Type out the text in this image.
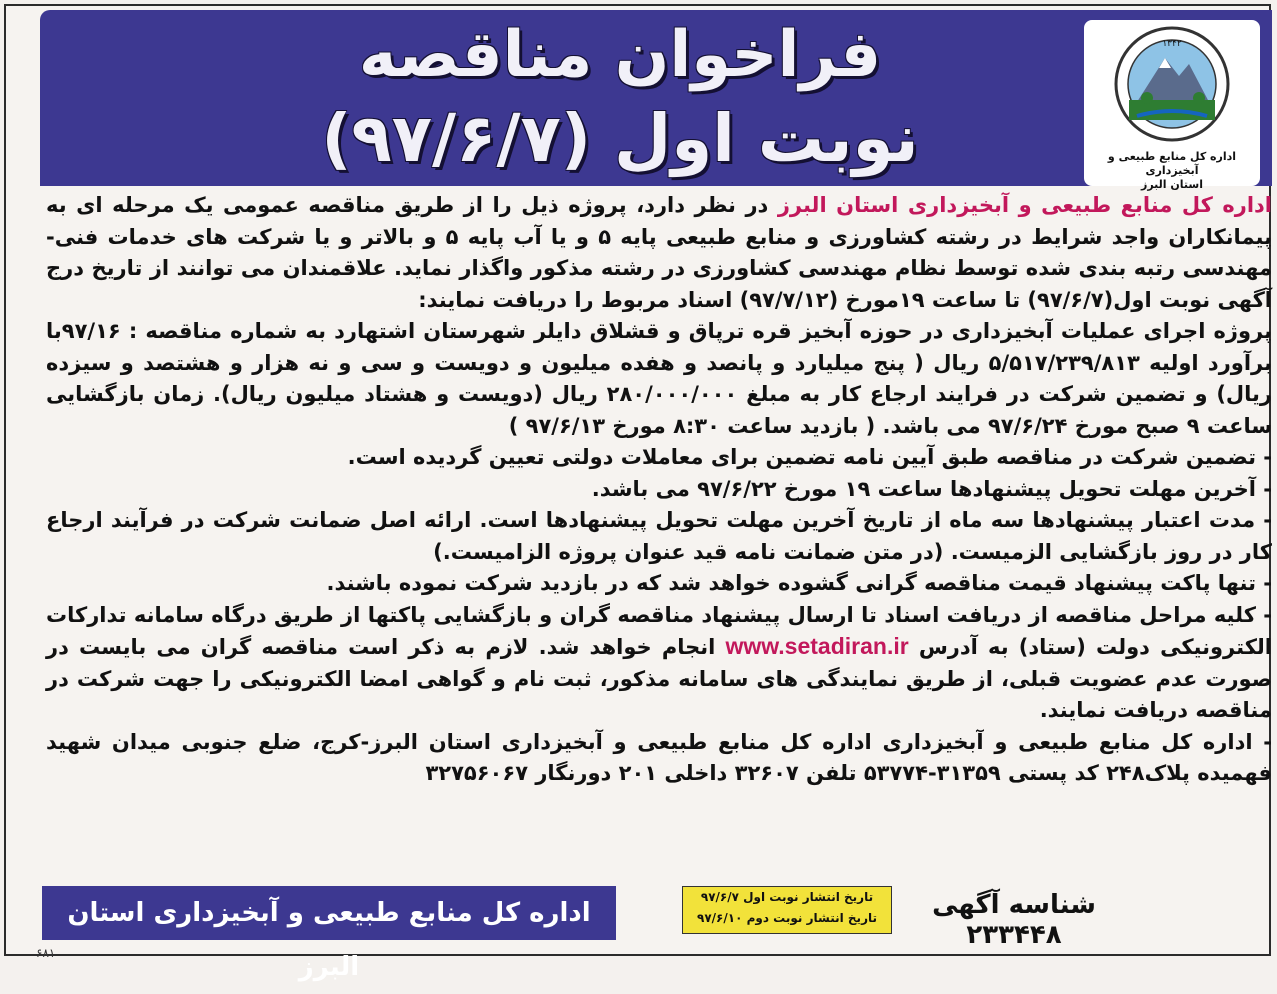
فراخوان مناقصه
نوبت اول (۹۷/۶/۷)
۱۳۴۲
اداره کل منابع طبیعی و آبخیزداری
استان البرز

اداره کل منابع طبیعی و آبخیزداری استان البرز در نظر دارد، پروژه ذیل را از طریق مناقصه عمومی یک مرحله ای به پیمانکاران واجد شرایط در رشته کشاورزی و منابع طبیعی پایه ۵ و یا آب پایه ۵ و بالاتر و یا شرکت های خدمات فنی- مهندسی رتبه بندی شده توسط نظام مهندسی کشاورزی در رشته مذکور واگذار نماید. علاقمندان می توانند از تاریخ درج آگهی نوبت اول(۹۷/۶/۷) تا ساعت ۱۹مورخ (۹۷/۷/۱۲) اسناد مربوط را دریافت نمایند:

پروژه اجرای عملیات آبخیزداری در حوزه آبخیز قره ترپاق و قشلاق دایلر شهرستان اشتهارد به شماره مناقصه : ۹۷/۱۶با برآورد اولیه ۵/۵۱۷/۲۳۹/۸۱۳ ریال ( پنج میلیارد و پانصد و هفده میلیون و دویست و سی و نه هزار و هشتصد و سیزده ریال) و تضمین شرکت در فرایند ارجاع کار به مبلغ ۲۸۰/۰۰۰/۰۰۰ ریال (دویست و هشتاد میلیون ریال). زمان بازگشایی ساعت ۹ صبح مورخ ۹۷/۶/۲۴ می باشد. ( بازدید ساعت ۸:۳۰ مورخ ۹۷/۶/۱۳ )

- تضمین شرکت در مناقصه طبق آیین نامه تضمین برای معاملات دولتی تعیین گردیده است.

- آخرین مهلت تحویل پیشنهادها ساعت ۱۹ مورخ ۹۷/۶/۲۲ می باشد.

- مدت اعتبار پیشنهادها سه ماه از تاریخ آخرین مهلت تحویل پیشنهادها است. ارائه اصل ضمانت شرکت در فرآیند ارجاع کار در روز بازگشایی الزمیست. (در متن ضمانت نامه قید عنوان پروژه الزامیست.)

- تنها پاکت پیشنهاد قیمت مناقصه گرانی گشوده خواهد شد که در بازدید شرکت نموده باشند.

- کلیه مراحل مناقصه از دریافت اسناد تا ارسال پیشنهاد مناقصه گران و بازگشایی پاکتها از طریق درگاه سامانه تدارکات الکترونیکی دولت (ستاد) به آدرس www.setadiran.ir انجام خواهد شد. لازم به ذکر است مناقصه گران می بایست در صورت عدم عضویت قبلی، از طریق نمایندگی های سامانه مذکور، ثبت نام و گواهی امضا الکترونیکی را جهت شرکت در مناقصه دریافت نمایند.

- اداره کل منابع طبیعی و آبخیزداری اداره کل منابع طبیعی و آبخیزداری استان البرز-کرج، ضلع جنوبی میدان شهید فهمیده پلاک۲۴۸ کد پستی ۳۱۳۵۹-۵۳۷۷۴ تلفن ۳۲۶۰۷ داخلی ۲۰۱ دورنگار ۳۲۷۵۶۰۶۷

اداره کل منابع طبیعی و آبخیزداری استان البرز
تاریخ انتشار نوبت اول ۹۷/۶/۷
تاریخ انتشار نوبت دوم ۹۷/۶/۱۰	شناسه آگهی ۲۳۳۴۴۸
۶۸۱
